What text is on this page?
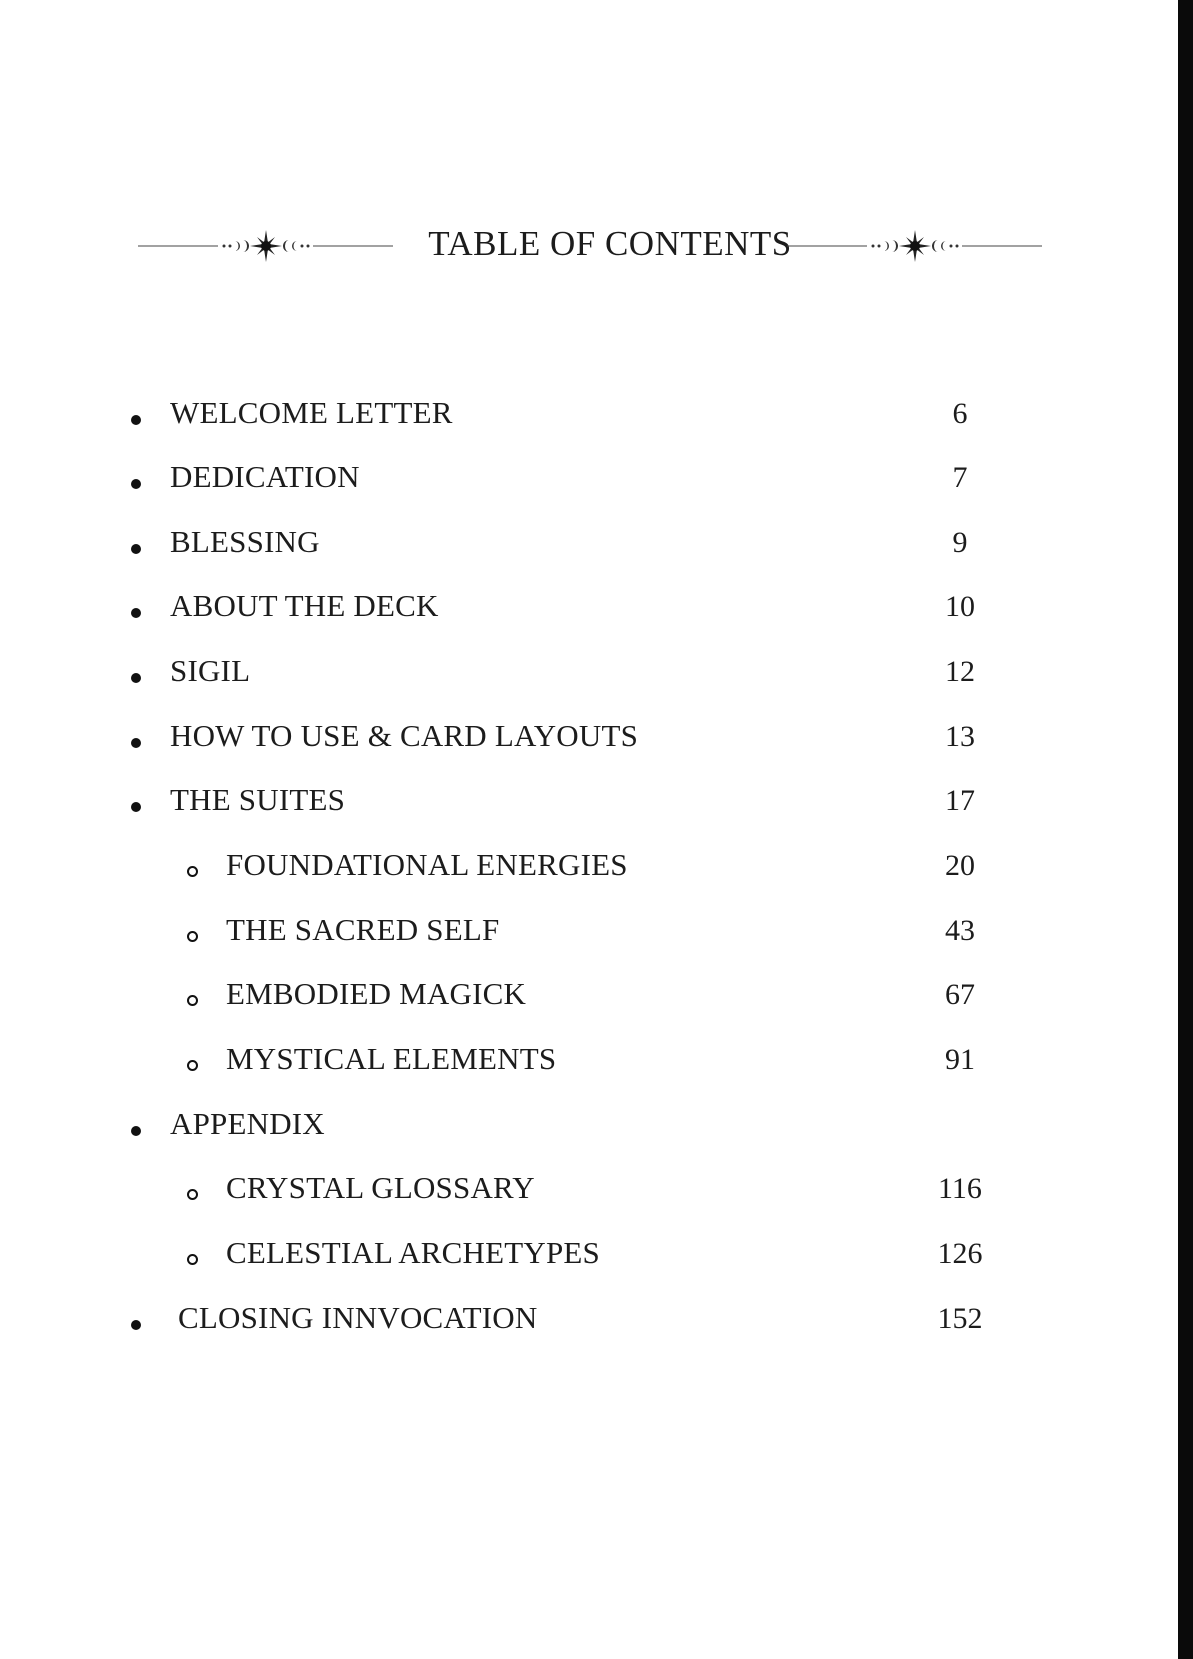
TABLE OF CONTENTS
WELCOME LETTER	6
DEDICATION	7
BLESSING	9
ABOUT THE DECK	10
SIGIL	12
HOW TO USE & CARD LAYOUTS	13
THE SUITES	17
FOUNDATIONAL ENERGIES	20
THE SACRED SELF	43
EMBODIED MAGICK	67
MYSTICAL ELEMENTS	91
APPENDIX
CRYSTAL GLOSSARY	116
CELESTIAL ARCHETYPES	126
CLOSING INNVOCATION	152
